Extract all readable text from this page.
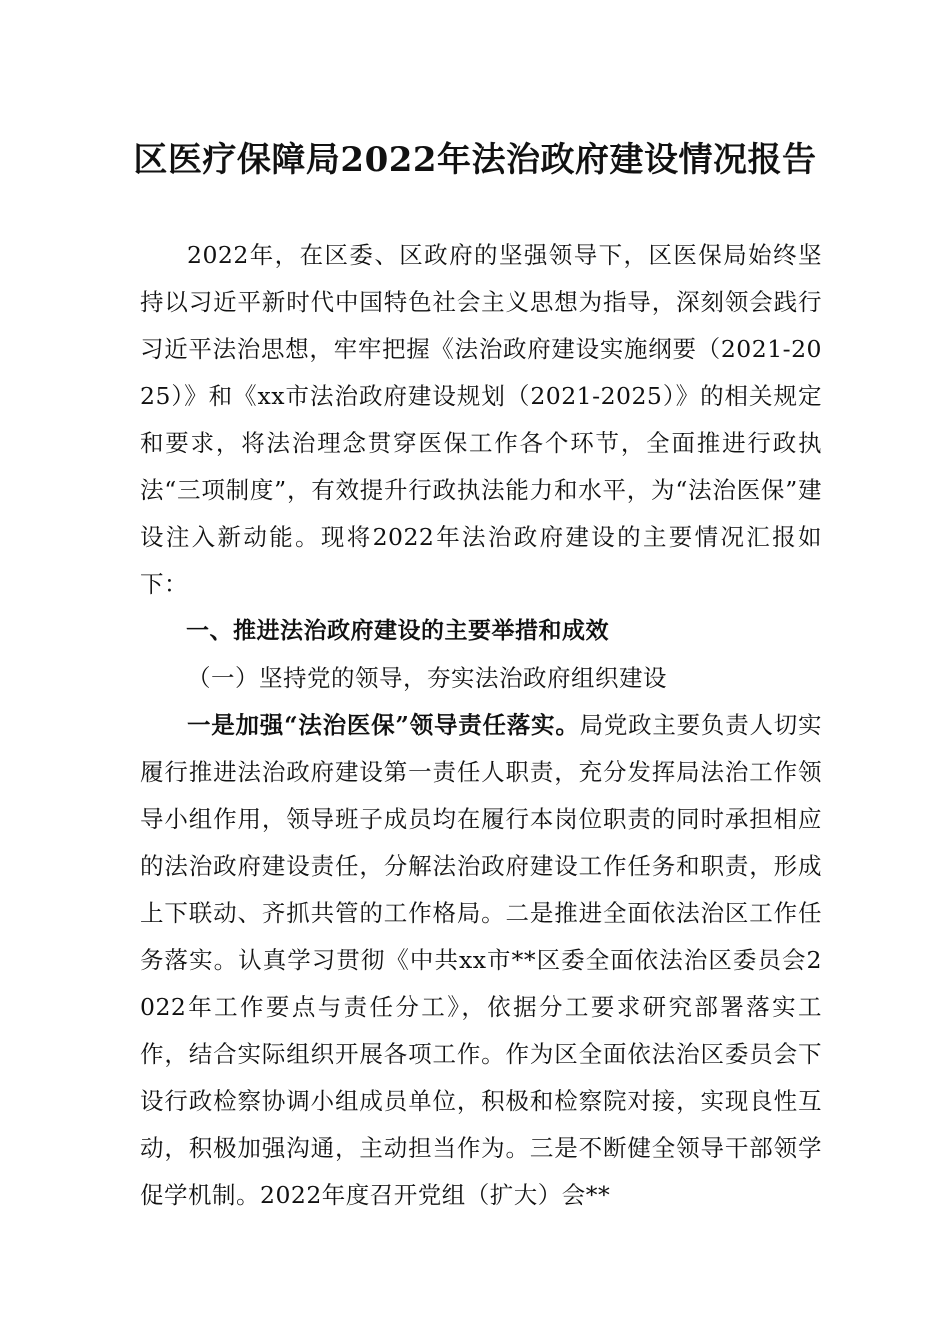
区医疗保障局2022年法治政府建设情况报告

2022年，在区委、区政府的坚强领导下，区医保局始终坚持以习近平新时代中国特色社会主义思想为指导，深刻领会践行习近平法治思想，牢牢把握《法治政府建设实施纲要（2021-2025）》和《xx市法治政府建设规划（2021-2025）》的相关规定和要求，将法治理念贯穿医保工作各个环节，全面推进行政执法“三项制度”，有效提升行政执法能力和水平，为“法治医保”建设注入新动能。现将2022年法治政府建设的主要情况汇报如下：

一、推进法治政府建设的主要举措和成效

（一）坚持党的领导，夯实法治政府组织建设

一是加强“法治医保”领导责任落实。局党政主要负责人切实履行推进法治政府建设第一责任人职责，充分发挥局法治工作领导小组作用，领导班子成员均在履行本岗位职责的同时承担相应的法治政府建设责任，分解法治政府建设工作任务和职责，形成上下联动、齐抓共管的工作格局。二是推进全面依法治区工作任务落实。认真学习贯彻《中共xx市**区委全面依法治区委员会2022年工作要点与责任分工》，依据分工要求研究部署落实工作，结合实际组织开展各项工作。作为区全面依法治区委员会下设行政检察协调小组成员单位，积极和检察院对接，实现良性互动，积极加强沟通，主动担当作为。三是不断健全领导干部领学促学机制。2022年度召开党组（扩大）会**
